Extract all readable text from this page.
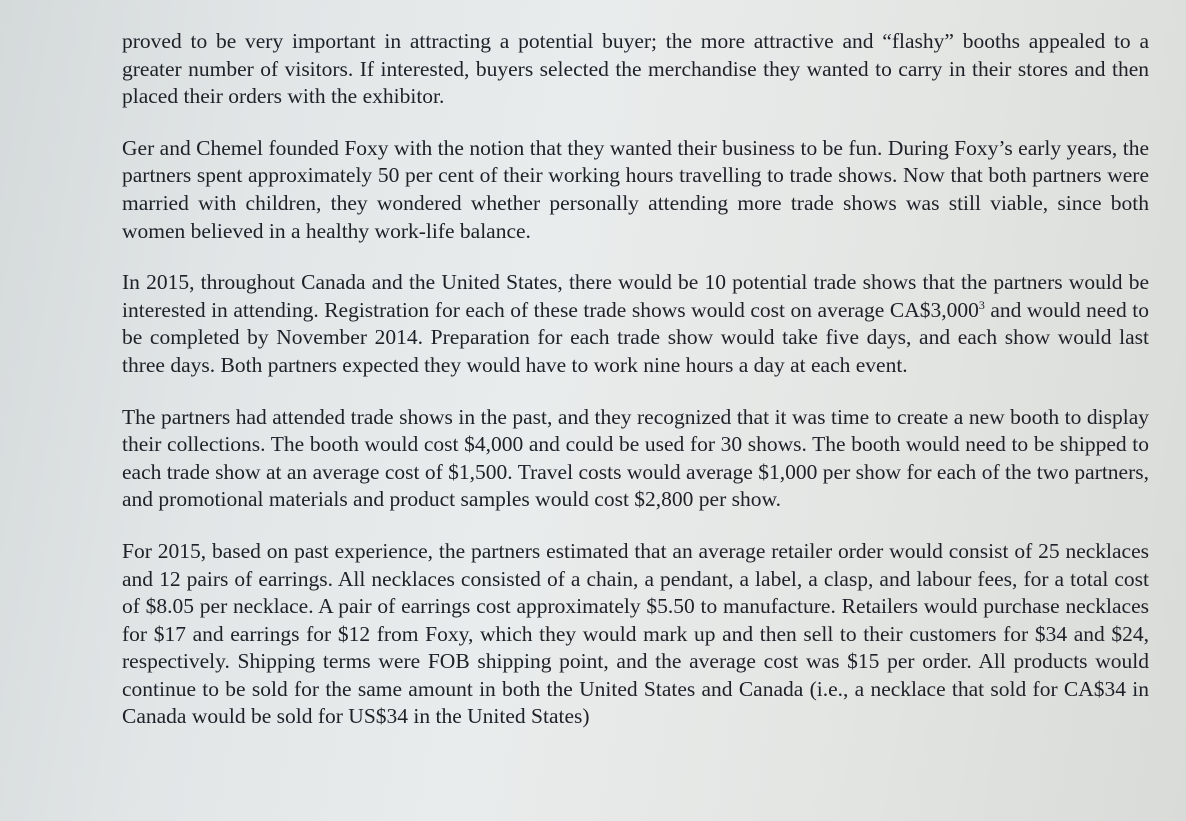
proved to be very important in attracting a potential buyer; the more attractive and “flashy” booths appealed to a greater number of visitors. If interested, buyers selected the merchandise they wanted to carry in their stores and then placed their orders with the exhibitor.

Ger and Chemel founded Foxy with the notion that they wanted their business to be fun. During Foxy’s early years, the partners spent approximately 50 per cent of their working hours travelling to trade shows. Now that both partners were married with children, they wondered whether personally attending more trade shows was still viable, since both women believed in a healthy work-life balance.

In 2015, throughout Canada and the United States, there would be 10 potential trade shows that the partners would be interested in attending. Registration for each of these trade shows would cost on average CA$3,000$^3$ and would need to be completed by November 2014. Preparation for each trade show would take five days, and each show would last three days. Both partners expected they would have to work nine hours a day at each event.

The partners had attended trade shows in the past, and they recognized that it was time to create a new booth to display their collections. The booth would cost $4,000 and could be used for 30 shows. The booth would need to be shipped to each trade show at an average cost of $1,500. Travel costs would average $1,000 per show for each of the two partners, and promotional materials and product samples would cost $2,800 per show.

For 2015, based on past experience, the partners estimated that an average retailer order would consist of 25 necklaces and 12 pairs of earrings. All necklaces consisted of a chain, a pendant, a label, a clasp, and labour fees, for a total cost of $8.05 per necklace. A pair of earrings cost approximately $5.50 to manufacture. Retailers would purchase necklaces for $17 and earrings for $12 from Foxy, which they would mark up and then sell to their customers for $34 and $24, respectively. Shipping terms were FOB shipping point, and the average cost was $15 per order. All products would continue to be sold for the same amount in both the United States and Canada (i.e., a necklace that sold for CA$34 in Canada would be sold for US$34 in the United States)
